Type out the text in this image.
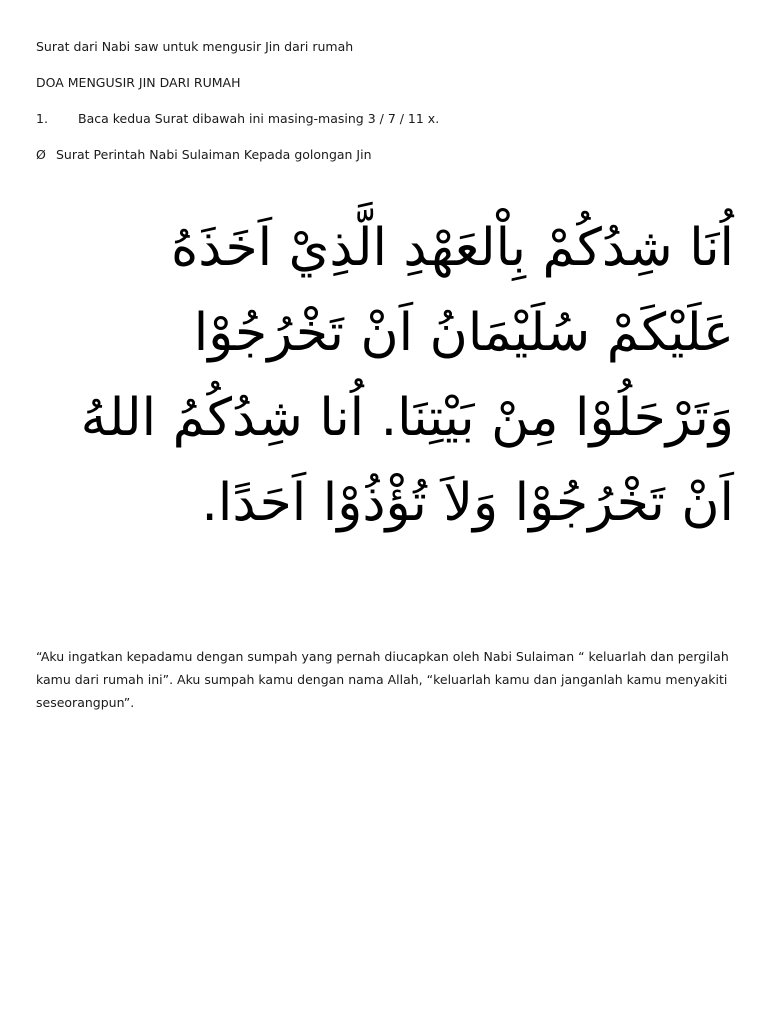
Surat dari Nabi saw untuk mengusir Jin dari rumah
DOA MENGUSIR JIN DARI RUMAH
1. Baca kedua Surat dibawah ini masing-masing 3 / 7 / 11 x.
Ø Surat Perintah Nabi Sulaiman Kepada golongan Jin
اُنَا شِدُكُمْ بِاْلعَهْدِ الَّذِيْ اَخَذَهُ عَلَيْكَمْ سُلَيْمَانُ اَنْ تَخْرُجُوْا وَتَرْحَلُوْا مِنْ بَيْتِنَا. اُنا شِدُكُمُ اللهُ اَنْ تَخْرُجُوْا وَلاَ تُؤْذُوْا اَحَدًا.
“Aku ingatkan kepadamu dengan sumpah yang pernah diucapkan oleh Nabi Sulaiman “ keluarlah dan pergilah kamu dari rumah ini”. Aku sumpah kamu dengan nama Allah, “keluarlah kamu dan janganlah kamu menyakiti seseorangpun”.
